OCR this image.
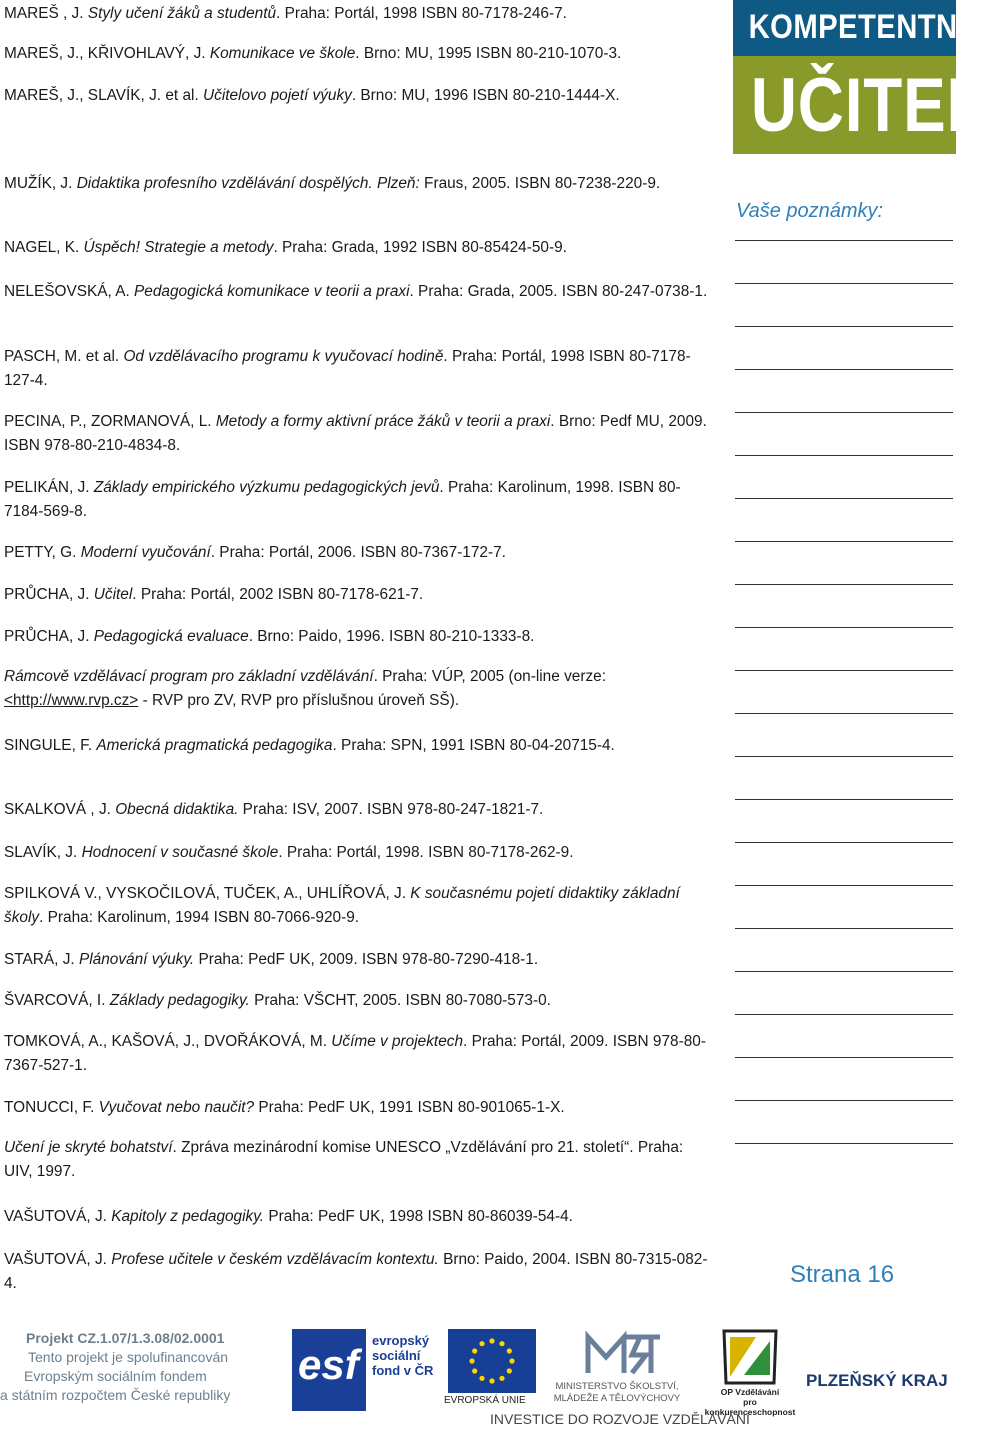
MAREŠ , J. Styly učení žáků a studentů. Praha: Portál, 1998 ISBN 80-7178-246-7.

MAREŠ, J., KŘIVOHLAVÝ, J. Komunikace ve škole. Brno: MU, 1995 ISBN 80-210-1070-3.

MAREŠ, J., SLAVÍK, J. et al. Učitelovo pojetí výuky. Brno: MU, 1996 ISBN 80-210-1444-X.

MUŽÍK, J. Didaktika profesního vzdělávání dospělých. Plzeň: Fraus, 2005. ISBN 80-7238-220-9.

NAGEL, K. Úspěch! Strategie a metody. Praha: Grada, 1992 ISBN 80-85424-50-9.

NELEŠOVSKÁ, A. Pedagogická komunikace v teorii a praxi. Praha: Grada, 2005. ISBN 80-247-0738-1.

PASCH, M. et al. Od vzdělávacího programu k vyučovací hodině. Praha: Portál, 1998 ISBN 80-7178-127-4.

PECINA, P., ZORMANOVÁ, L. Metody a formy aktivní práce žáků v teorii a praxi. Brno: Pedf MU, 2009. ISBN 978-80-210-4834-8.

PELIKÁN, J. Základy empirického výzkumu pedagogických jevů. Praha: Karolinum, 1998. ISBN 80-7184-569-8.

PETTY, G. Moderní vyučování. Praha: Portál, 2006. ISBN 80-7367-172-7.

PRŮCHA, J. Učitel. Praha: Portál, 2002 ISBN 80-7178-621-7.

PRŮCHA, J. Pedagogická evaluace. Brno: Paido, 1996. ISBN 80-210-1333-8.

Rámcově vzdělávací program pro základní vzdělávání. Praha: VÚP, 2005 (on-line verze: <http://www.rvp.cz> - RVP pro ZV, RVP pro příslušnou úroveň SŠ).

SINGULE, F. Americká pragmatická pedagogika. Praha: SPN, 1991 ISBN 80-04-20715-4.

SKALKOVÁ , J. Obecná didaktika. Praha: ISV, 2007. ISBN 978-80-247-1821-7.

SLAVÍK, J. Hodnocení v současné škole. Praha: Portál, 1998. ISBN 80-7178-262-9.

SPILKOVÁ V., VYSKOČILOVÁ, TUČEK, A., UHLÍŘOVÁ, J. K současnému pojetí didaktiky základní školy. Praha: Karolinum, 1994 ISBN 80-7066-920-9.

STARÁ, J. Plánování výuky. Praha: PedF UK, 2009. ISBN 978-80-7290-418-1.

ŠVARCOVÁ, I. Základy pedagogiky. Praha: VŠCHT, 2005. ISBN 80-7080-573-0.

TOMKOVÁ, A., KAŠOVÁ, J., DVOŘÁKOVÁ, M. Učíme v projektech. Praha: Portál, 2009. ISBN 978-80-7367-527-1.

TONUCCI, F. Vyučovat nebo naučit? Praha: PedF UK, 1991 ISBN 80-901065-1-X.

Učení je skryté bohatství. Zpráva mezinárodní komise UNESCO „Vzdělávání pro 21. století“. Praha: UIV, 1997.

VAŠUTOVÁ, J. Kapitoly z pedagogiky. Praha: PedF UK, 1998 ISBN 80-86039-54-4.

VAŠUTOVÁ, J. Profese učitele v českém vzdělávacím kontextu. Brno: Paido, 2004. ISBN 80-7315-082-4.

KOMPETENTNÍ
UČITEL
Vaše poznámky:
Strana 16
Projekt CZ.1.07/1.3.08/02.0001
Tento projekt je spolufinancován
Evropským sociálním fondem
a státním rozpočtem České republiky
esf
evropský
sociální
fond v ČR
EVROPSKÁ UNIE
MINISTERSTVO ŠKOLSTVÍ,
MLÁDEŽE A TĚLOVÝCHOVY
OP Vzdělávání
pro konkurenceschopnost
PLZEŇSKÝ KRAJ
INVESTICE DO ROZVOJE VZDĚLÁVÁNÍ
